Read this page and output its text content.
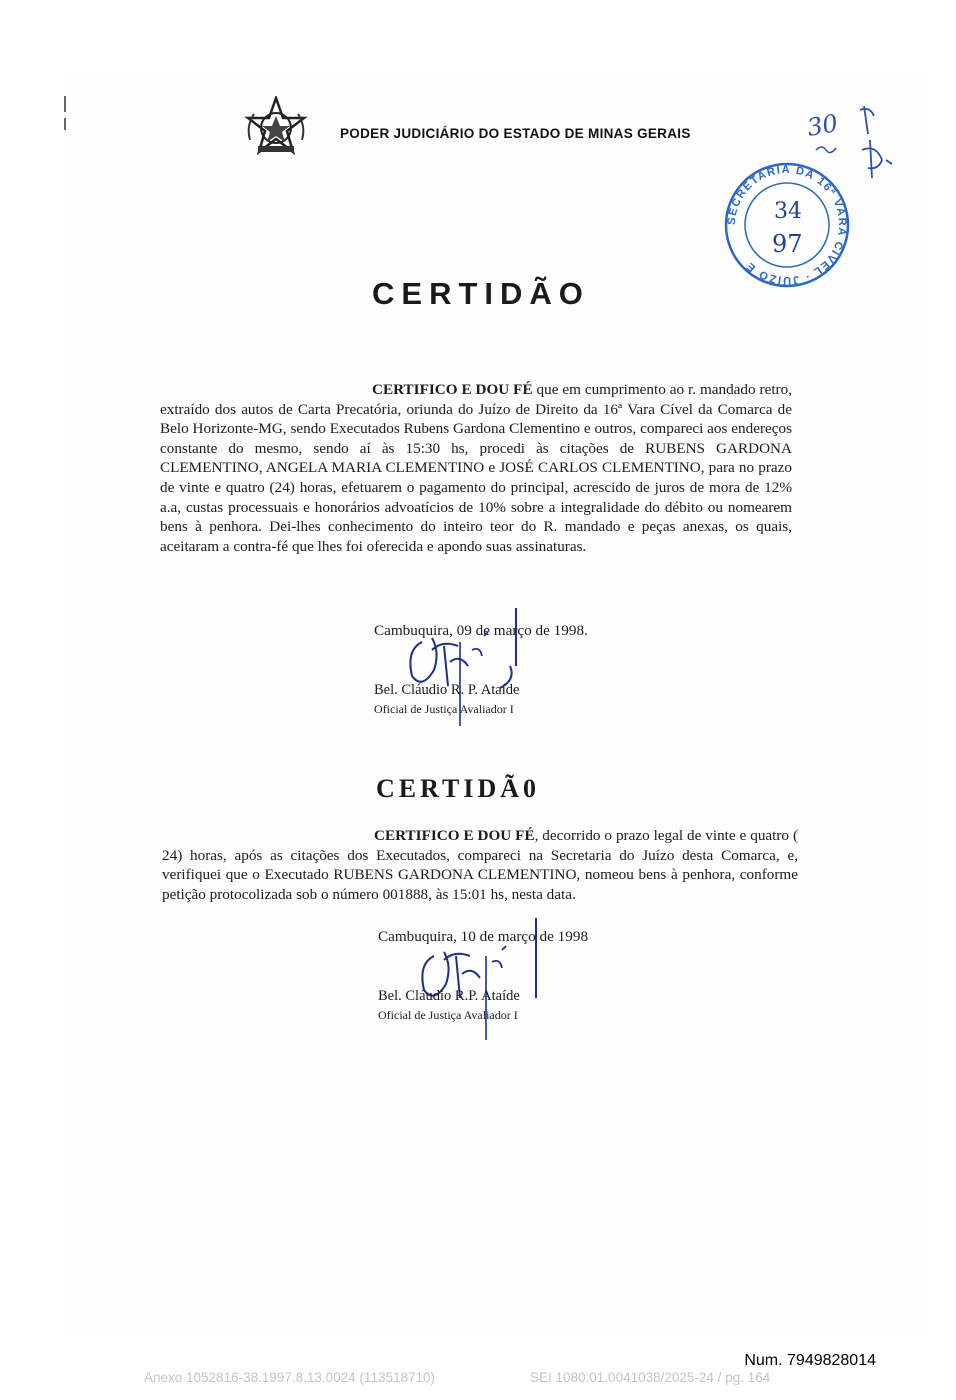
PODER JUDICIÁRIO DO ESTADO DE MINAS GERAIS
SECRETARIA DA 16ª VARA CÍVEL · JUÍZO E
34
97
30
CERTIDÃO
CERTIFICO E DOU FÉ que em cumprimento ao r. mandado retro, extraído dos autos de Carta Precatória, oriunda do Juízo de Direito da 16ª Vara Cível da Comarca de Belo Horizonte-MG, sendo Executados Rubens Gardona Clementino e outros, compareci aos endereços constante do mesmo, sendo aí às 15:30 hs, procedi às citações de RUBENS GARDONA CLEMENTINO, ANGELA MARIA CLEMENTINO e JOSÉ CARLOS CLEMENTINO, para no prazo de vinte e quatro (24) horas, efetuarem o pagamento do principal, acrescido de juros de mora de 12% a.a, custas processuais e honorários advoatícios de 10% sobre a integralidade do débito ou nomearem bens à penhora. Dei-lhes conhecimento do inteiro teor do R. mandado e peças anexas, os quais, aceitaram a contra-fé que lhes foi oferecida e apondo suas assinaturas.
Cambuquira, 09 de março de 1998.
Bel. Cláudio R. P. Ataíde
Oficial de Justiça Avaliador I
CERTIDÃ0
CERTIFICO E DOU FÉ, decorrido o prazo legal de vinte e quatro ( 24) horas, após as citações dos Executados, compareci na Secretaria do Juízo desta Comarca, e, verifiquei que o Executado RUBENS GARDONA CLEMENTINO, nomeou bens à penhora, conforme petição protocolizada sob o número 001888, às 15:01 hs, nesta data.
Cambuquira, 10 de março de 1998
Bel. Cláudio R.P. Ataíde
Oficial de Justiça Avaliador I
Num. 7949828014
Anexo 1052816-38.1997.8.13.0024 (113518710)	SEI 1080.01.0041038/2025-24 / pg. 164
